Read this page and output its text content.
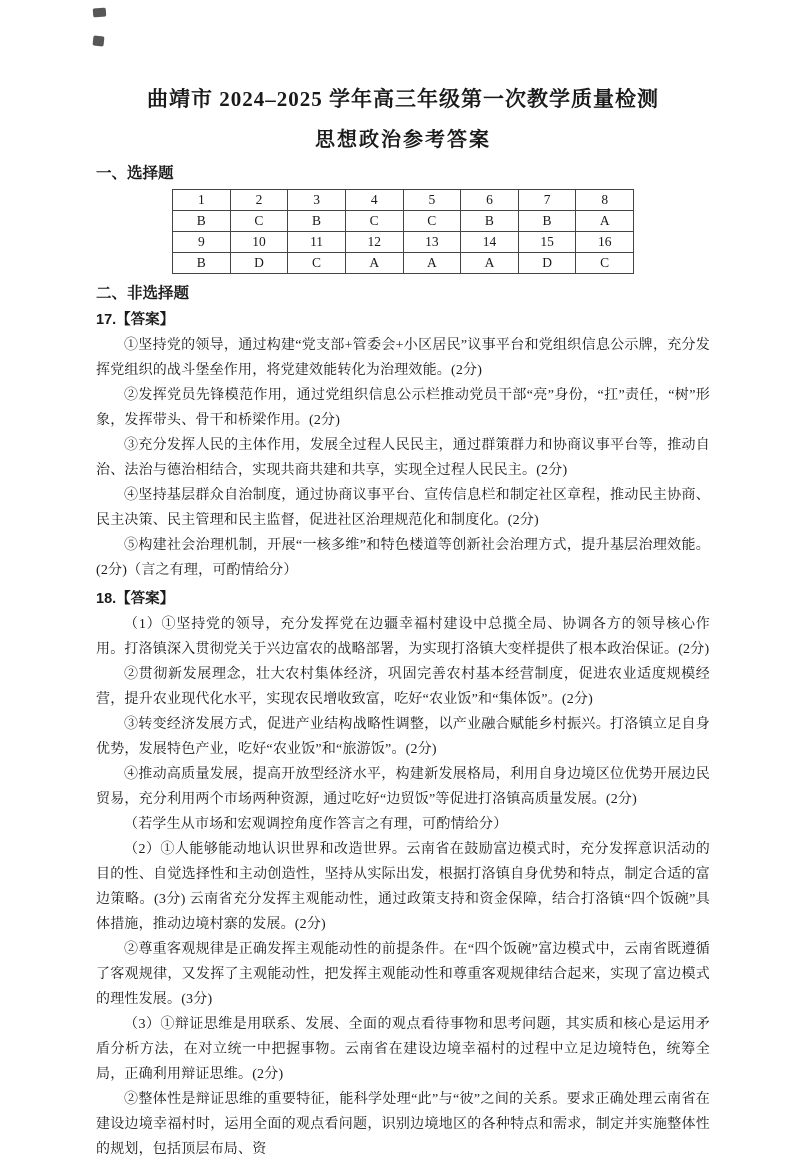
曲靖市 2024–2025 学年高三年级第一次教学质量检测
思想政治参考答案
一、选择题
1	2	3	4	5	6	7	8
B	C	B	C	C	B	B	A
9	10	11	12	13	14	15	16
B	D	C	A	A	A	D	C
二、非选择题
17.【答案】

①坚持党的领导，通过构建“党支部+管委会+小区居民”议事平台和党组织信息公示牌，充分发挥党组织的战斗堡垒作用，将党建效能转化为治理效能。(2分)

②发挥党员先锋模范作用，通过党组织信息公示栏推动党员干部“亮”身份，“扛”责任，“树”形象，发挥带头、骨干和桥梁作用。(2分)

③充分发挥人民的主体作用，发展全过程人民民主，通过群策群力和协商议事平台等，推动自治、法治与德治相结合，实现共商共建和共享，实现全过程人民民主。(2分)

④坚持基层群众自治制度，通过协商议事平台、宣传信息栏和制定社区章程，推动民主协商、民主决策、民主管理和民主监督，促进社区治理规范化和制度化。(2分)

⑤构建社会治理机制，开展“一核多维”和特色楼道等创新社会治理方式，提升基层治理效能。(2分)（言之有理，可酌情给分）

18.【答案】

（1）①坚持党的领导，充分发挥党在边疆幸福村建设中总揽全局、协调各方的领导核心作用。打洛镇深入贯彻党关于兴边富农的战略部署，为实现打洛镇大变样提供了根本政治保证。(2分)

②贯彻新发展理念，壮大农村集体经济，巩固完善农村基本经营制度，促进农业适度规模经营，提升农业现代化水平，实现农民增收致富，吃好“农业饭”和“集体饭”。(2分)

③转变经济发展方式，促进产业结构战略性调整，以产业融合赋能乡村振兴。打洛镇立足自身优势，发展特色产业，吃好“农业饭”和“旅游饭”。(2分)

④推动高质量发展，提高开放型经济水平，构建新发展格局，利用自身边境区位优势开展边民贸易，充分利用两个市场两种资源，通过吃好“边贸饭”等促进打洛镇高质量发展。(2分)

（若学生从市场和宏观调控角度作答言之有理，可酌情给分）

（2）①人能够能动地认识世界和改造世界。云南省在鼓励富边模式时，充分发挥意识活动的目的性、自觉选择性和主动创造性，坚持从实际出发，根据打洛镇自身优势和特点，制定合适的富边策略。(3分) 云南省充分发挥主观能动性，通过政策支持和资金保障，结合打洛镇“四个饭碗”具体措施，推动边境村寨的发展。(2分)

②尊重客观规律是正确发挥主观能动性的前提条件。在“四个饭碗”富边模式中，云南省既遵循了客观规律，又发挥了主观能动性，把发挥主观能动性和尊重客观规律结合起来，实现了富边模式的理性发展。(3分)

（3）①辩证思维是用联系、发展、全面的观点看待事物和思考问题，其实质和核心是运用矛盾分析方法，在对立统一中把握事物。云南省在建设边境幸福村的过程中立足边境特色，统筹全局，正确利用辩证思维。(2分)

②整体性是辩证思维的重要特征，能科学处理“此”与“彼”之间的关系。要求正确处理云南省在建设边境幸福村时，运用全面的观点看问题，识别边境地区的各种特点和需求，制定并实施整体性的规划，包括顶层布局、资
